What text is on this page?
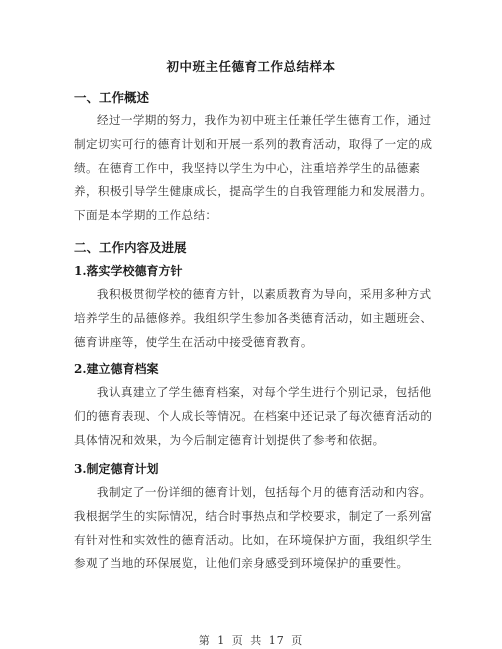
初中班主任德育工作总结样本
一、工作概述
经过一学期的努力，我作为初中班主任兼任学生德育工作，通过
制定切实可行的德育计划和开展一系列的教育活动，取得了一定的成
绩。在德育工作中，我坚持以学生为中心，注重培养学生的品德素
养，积极引导学生健康成长，提高学生的自我管理能力和发展潜力。
下面是本学期的工作总结：
二、工作内容及进展
1.落实学校德育方针
我积极贯彻学校的德育方针，以素质教育为导向，采用多种方式
培养学生的品德修养。我组织学生参加各类德育活动，如主题班会、
德育讲座等，使学生在活动中接受德育教育。
2.建立德育档案
我认真建立了学生德育档案，对每个学生进行个别记录，包括他
们的德育表现、个人成长等情况。在档案中还记录了每次德育活动的
具体情况和效果，为今后制定德育计划提供了参考和依据。
3.制定德育计划
我制定了一份详细的德育计划，包括每个月的德育活动和内容。
我根据学生的实际情况，结合时事热点和学校要求，制定了一系列富
有针对性和实效性的德育活动。比如，在环境保护方面，我组织学生
参观了当地的环保展览，让他们亲身感受到环境保护的重要性。
第 1 页 共 17 页
